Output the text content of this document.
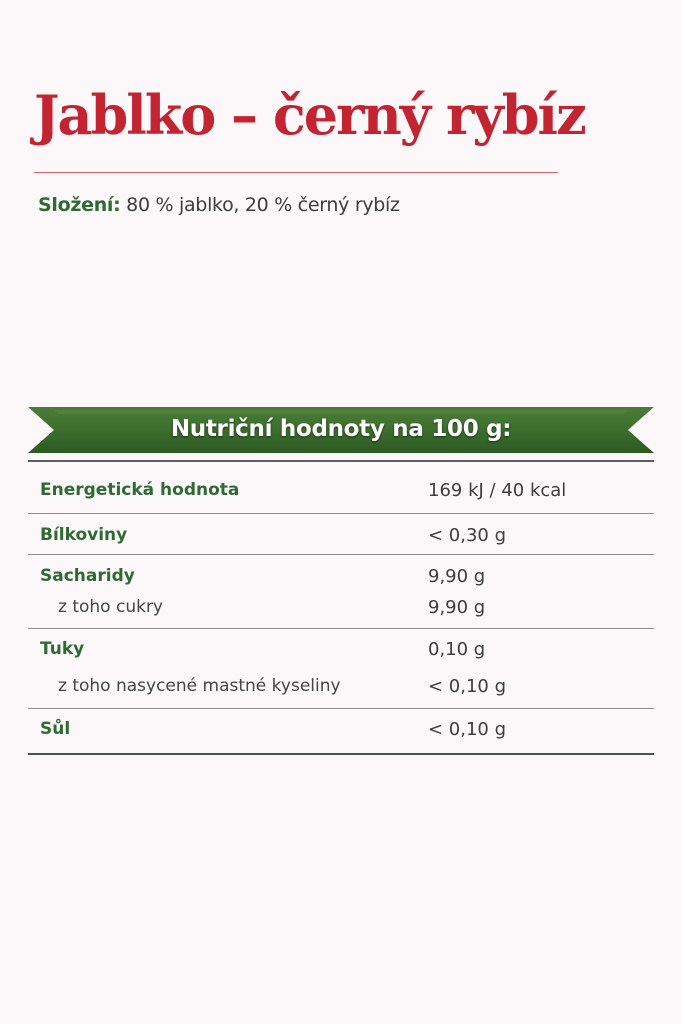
Jablko – černý rybíz
Složení: 80 % jablko, 20 % černý rybíz
Nutriční hodnoty na 100 g:
Energetická hodnota	169 kJ / 40 kcal
Bílkoviny	< 0,30 g
Sacharidy	9,90 g
z toho cukry	9,90 g
Tuky	0,10 g
z toho nasycené mastné kyseliny	< 0,10 g
Sůl	< 0,10 g
